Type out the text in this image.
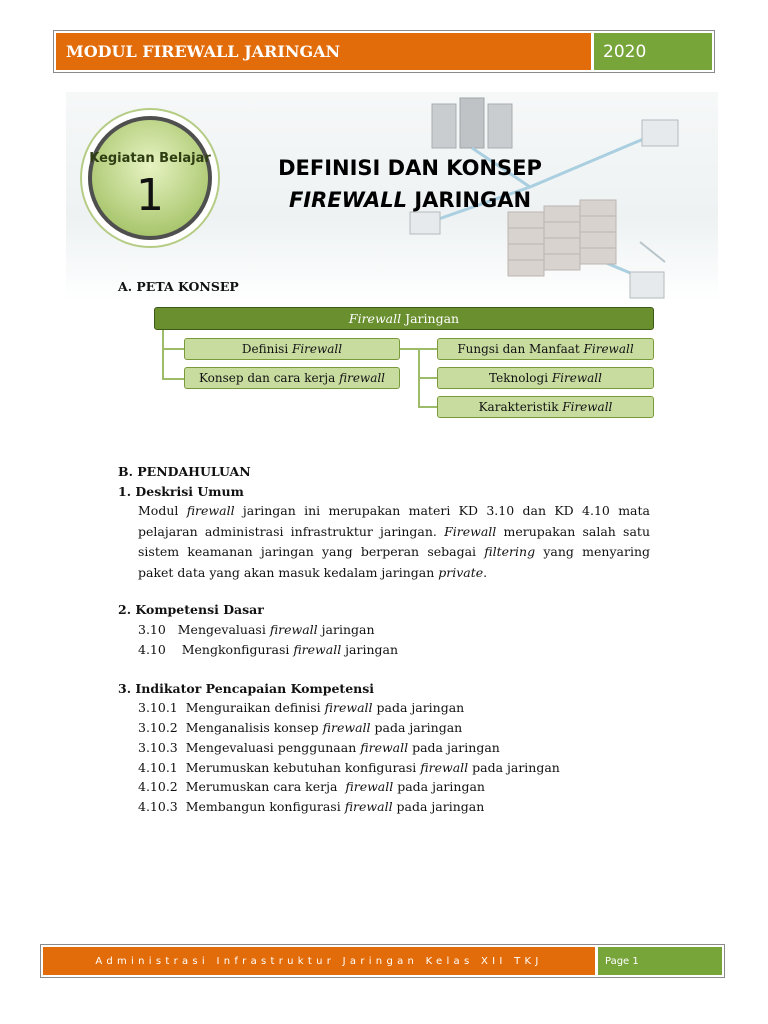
MODUL FIREWALL JARINGAN	2020
Kegiatan Belajar
1
DEFINISI DAN KONSEP
FIREWALL JARINGAN
A. PETA KONSEP
Firewall Jaringan
Definisi Firewall
Konsep dan cara kerja firewall
Fungsi dan Manfaat Firewall
Teknologi Firewall
Karakteristik Firewall
B. PENDAHULUAN
1. Deskrisi Umum
Modul firewall jaringan ini merupakan materi KD 3.10 dan KD 4.10 mata pelajaran administrasi infrastruktur jaringan. Firewall merupakan salah satu sistem keamanan jaringan yang berperan sebagai filtering yang menyaring paket data yang akan masuk kedalam jaringan private.
2. Kompetensi Dasar
3.10   Mengevaluasi firewall jaringan
4.10    Mengkonfigurasi firewall jaringan
3. Indikator Pencapaian Kompetensi
3.10.1  Menguraikan definisi firewall pada jaringan
3.10.2  Menganalisis konsep firewall pada jaringan
3.10.3  Mengevaluasi penggunaan firewall pada jaringan
4.10.1  Merumuskan kebutuhan konfigurasi firewall pada jaringan
4.10.2  Merumuskan cara kerja  firewall pada jaringan
4.10.3  Membangun konfigurasi firewall pada jaringan
Administrasi Infrastruktur Jaringan Kelas XII TKJ	Page 1
